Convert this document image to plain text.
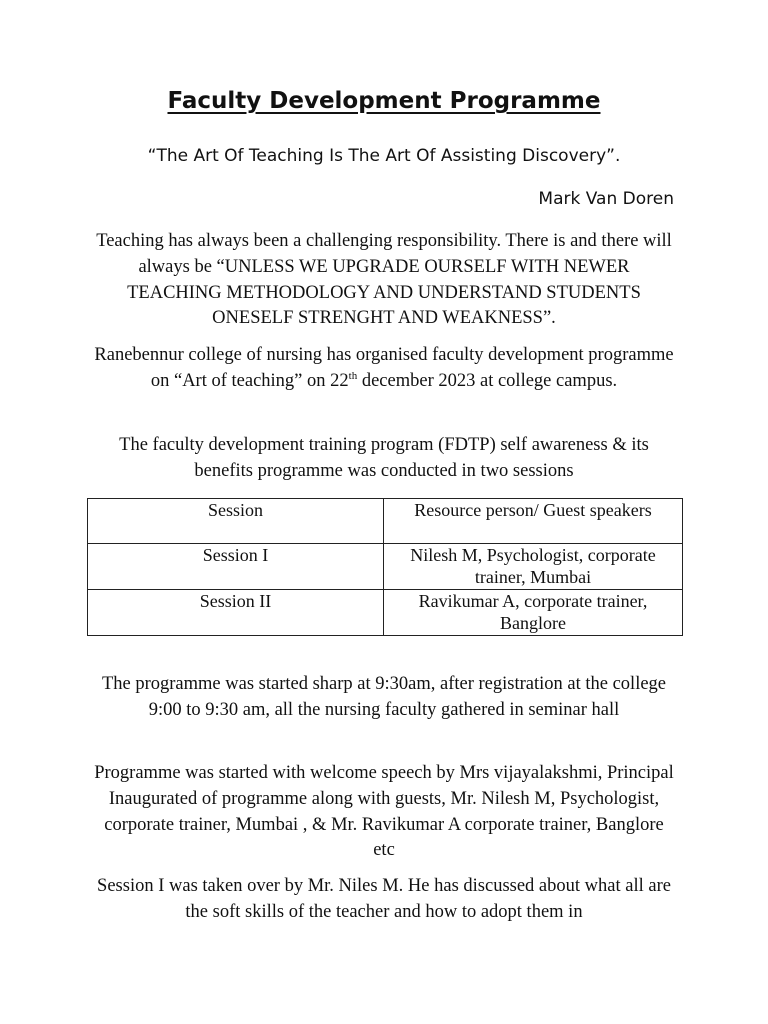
Faculty Development Programme
“The Art Of Teaching Is The Art Of Assisting Discovery”.
Mark Van Doren

Teaching has always been a challenging responsibility. There is and there will always be “UNLESS WE UPGRADE OURSELF WITH NEWER TEACHING METHODOLOGY AND UNDERSTAND STUDENTS ONESELF STRENGHT AND WEAKNESS”.

Ranebennur college of nursing has organised faculty development programme on “Art of teaching” on 22th december 2023 at college campus.

The faculty development training program (FDTP) self awareness & its benefits programme was conducted in two sessions

Session	Resource person/ Guest speakers
Session I	Nilesh M, Psychologist, corporate trainer, Mumbai
Session II	Ravikumar A, corporate trainer, Banglore

The programme was started sharp at 9:30am, after registration at the college 9:00 to 9:30 am, all the nursing faculty gathered in seminar hall

Programme was started with welcome speech by Mrs vijayalakshmi, Principal Inaugurated of programme along with guests, Mr. Nilesh M, Psychologist, corporate trainer, Mumbai , & Mr. Ravikumar A corporate trainer, Banglore etc

Session I was taken over by Mr. Niles M. He has discussed about what all are the soft skills of the teacher and how to adopt them in
